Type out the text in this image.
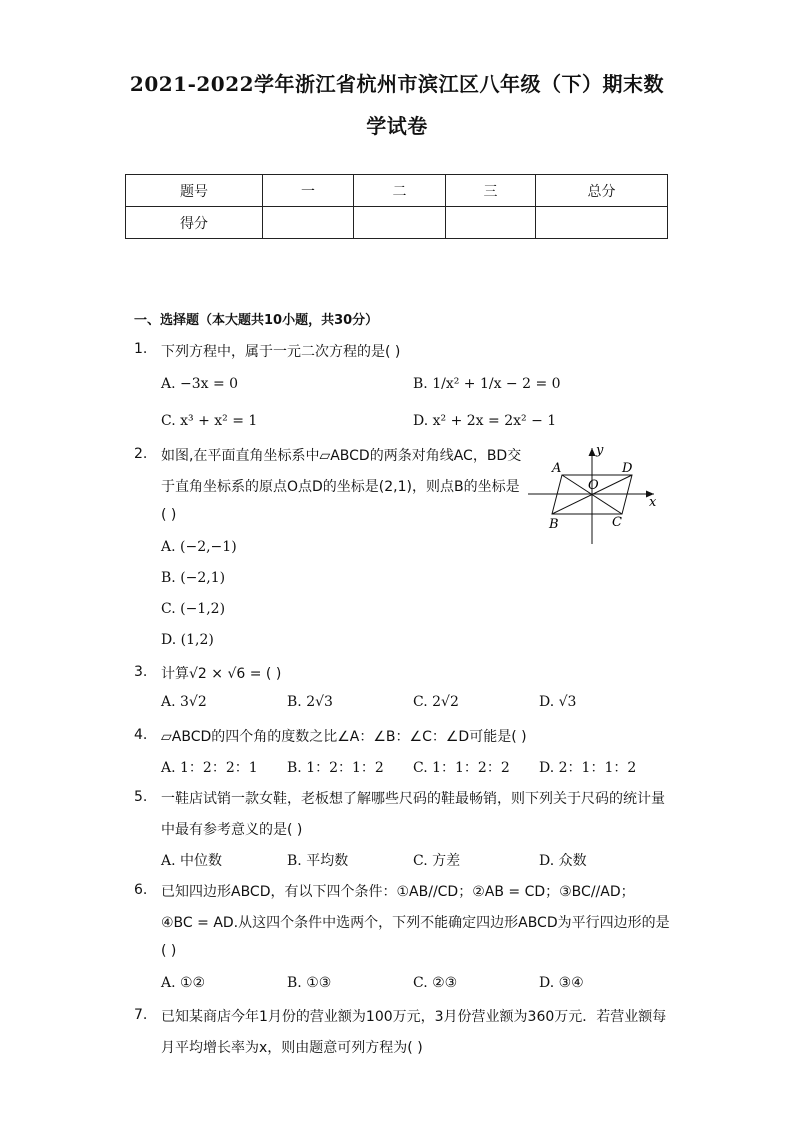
2021-2022学年浙江省杭州市滨江区八年级（下）期末数
学试卷
题号	一	二	三	总分
得分				
一、选择题（本大题共10小题，共30分）
1. 下列方程中，属于一元二次方程的是( )
A. −3x = 0	B. 1/x² + 1/x − 2 = 0
C. x³ + x² = 1	D. x² + 2x = 2x² − 1
2. 如图,在平面直角坐标系中▱ABCD的两条对角线AC，BD交
于直角坐标系的原点O点D的坐标是(2,1)，则点B的坐标是
( )
A. (−2,−1)
B. (−2,1)
C. (−1,2)
D. (1,2)
A	D
B	C
O
x
y
3. 计算√2 × √6 = ( )
A. 3√2	B. 2√3	C. 2√2	D. √3
4. ▱ABCD的四个角的度数之比∠A：∠B：∠C：∠D可能是( )
A. 1：2：2：1 B. 1：2：1：2 C. 1：1：2：2 D. 2：1：1：2
5. 一鞋店试销一款女鞋，老板想了解哪些尺码的鞋最畅销，则下列关于尺码的统计量
中最有参考意义的是( )
A. 中位数	B. 平均数	C. 方差	D. 众数
6. 已知四边形ABCD，有以下四个条件：①AB//CD；②AB = CD；③BC//AD；
④BC = AD.从这四个条件中选两个，下列不能确定四边形ABCD为平行四边形的是
( )
A. ①②	B. ①③	C. ②③	D. ③④
7. 已知某商店今年1月份的营业额为100万元，3月份营业额为360万元．若营业额每
月平均增长率为x，则由题意可列方程为( )
